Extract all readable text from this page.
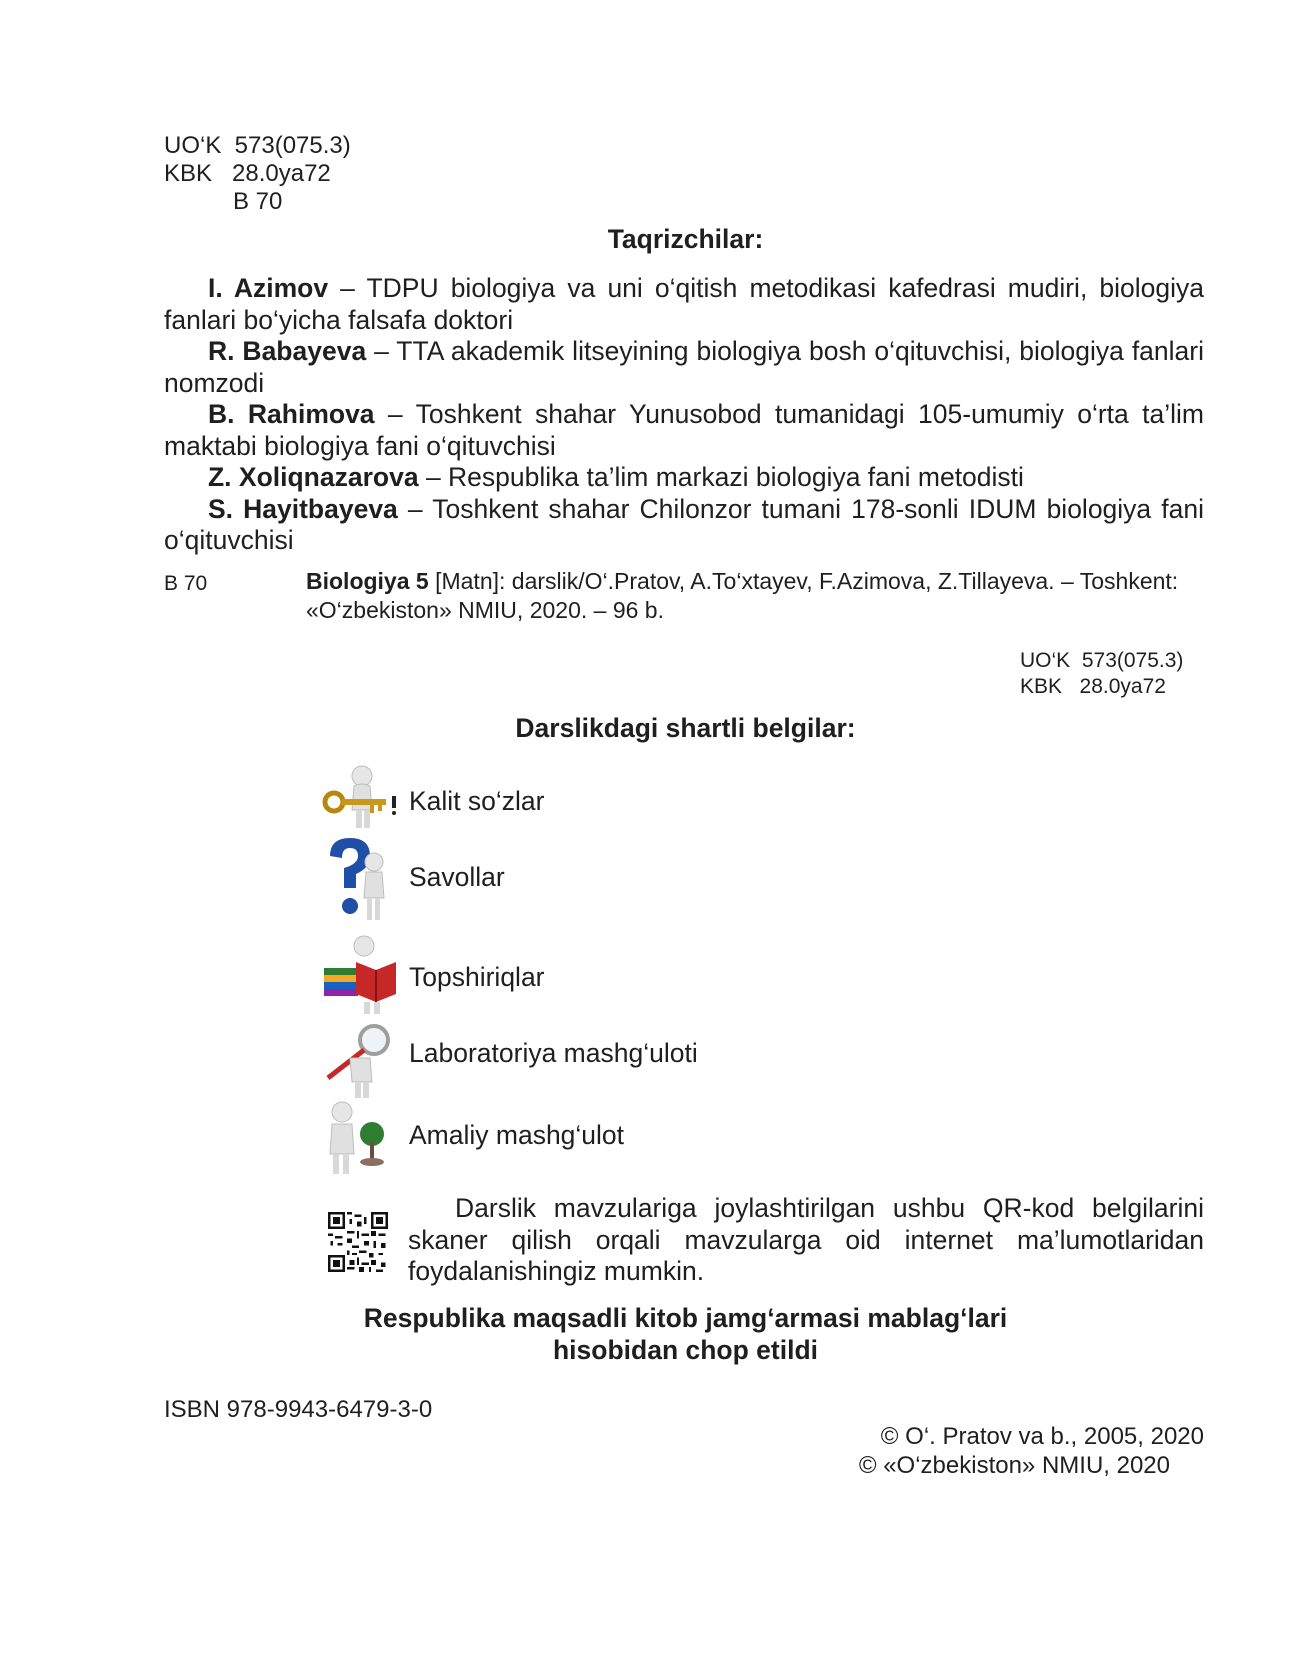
UO‘K  573(075.3)
KBK   28.0ya72
B 70
Taqrizchilar:

I. Azimov – TDPU biologiya va uni o‘qitish metodikasi kafedrasi mudiri, biologiya fanlari bo‘yicha falsafa doktori

R. Babayeva – TTA akademik litseyining biologiya bosh o‘qituvchisi, biologiya fanlari nomzodi

B. Rahimova – Toshkent shahar Yunusobod tumanidagi 105-umumiy o‘rta ta’lim maktabi biologiya fani o‘qituvchisi

Z. Xoliqnazarova – Respublika ta’lim markazi biologiya fani metodisti

S. Hayitbayeva – Toshkent shahar Chilonzor tumani 178-sonli IDUM biologiya fani o‘qituvchisi

B 70	Biologiya 5 [Matn]: darslik/O‘.Pratov, A.To‘xtayev, F.Azimova, Z.Tillayeva. – Toshkent: «O‘zbekiston» NMIU, 2020. – 96 b.
UO‘K  573(075.3)
KBK   28.0ya72
Darslikdagi shartli belgilar:
Kalit so‘zlar
Savollar
Topshiriqlar
Laboratoriya mashg‘uloti
Amaliy mashg‘ulot

Darslik mavzulariga joylashtirilgan ushbu QR-kod belgilarini skaner qilish orqali mavzularga oid internet ma’lumotlaridan foydalanishingiz mumkin.

Respublika maqsadli kitob jamg‘armasi mablag‘lari
hisobidan chop etildi
ISBN 978-9943-6479-3-0
© O‘. Pratov va b., 2005, 2020
© «O‘zbekiston» NMIU, 2020
